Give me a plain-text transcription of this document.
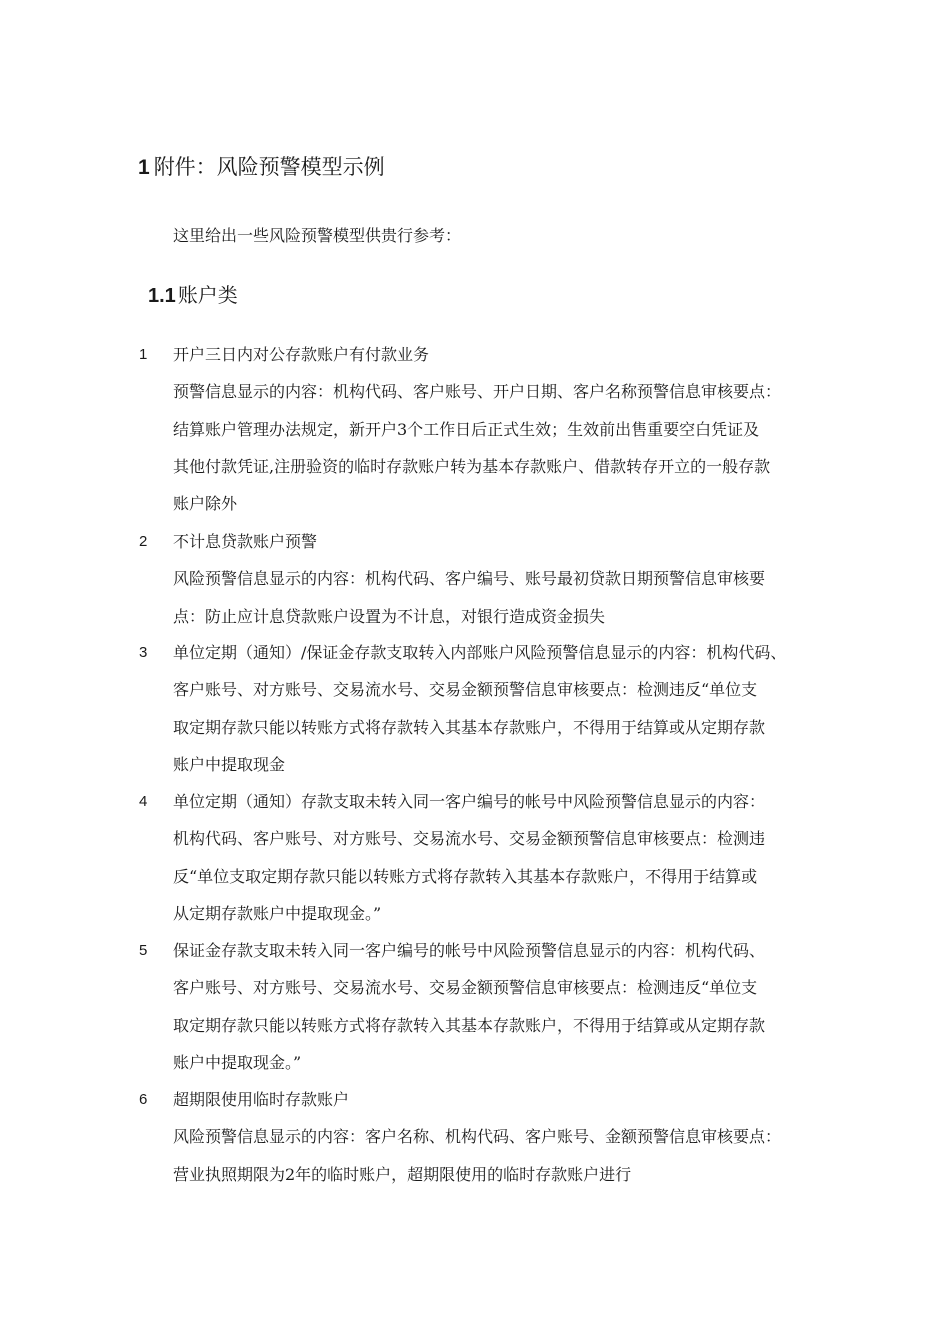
1 附件：风险预警模型示例
这里给出一些风险预警模型供贵行参考：
1.1 账户类
1 开户三日内对公存款账户有付款业务
预警信息显示的内容：机构代码、客户账号、开户日期、客户名称预警信息审核要点：
结算账户管理办法规定，新开户3个工作日后正式生效；生效前出售重要空白凭证及
其他付款凭证,注册验资的临时存款账户转为基本存款账户、借款转存开立的一般存款
账户除外
2 不计息贷款账户预警
风险预警信息显示的内容：机构代码、客户编号、账号最初贷款日期预警信息审核要
点：防止应计息贷款账户设置为不计息，对银行造成资金损失
3 单位定期（通知）/保证金存款支取转入内部账户风险预警信息显示的内容：机构代码、
客户账号、对方账号、交易流水号、交易金额预警信息审核要点：检测违反“单位支
取定期存款只能以转账方式将存款转入其基本存款账户，不得用于结算或从定期存款
账户中提取现金
4 单位定期（通知）存款支取未转入同一客户编号的帐号中风险预警信息显示的内容：
机构代码、客户账号、对方账号、交易流水号、交易金额预警信息审核要点：检测违
反“单位支取定期存款只能以转账方式将存款转入其基本存款账户，不得用于结算或
从定期存款账户中提取现金。”
5 保证金存款支取未转入同一客户编号的帐号中风险预警信息显示的内容：机构代码、
客户账号、对方账号、交易流水号、交易金额预警信息审核要点：检测违反“单位支
取定期存款只能以转账方式将存款转入其基本存款账户，不得用于结算或从定期存款
账户中提取现金。”
6 超期限使用临时存款账户
风险预警信息显示的内容：客户名称、机构代码、客户账号、金额预警信息审核要点：
营业执照期限为2年的临时账户，超期限使用的临时存款账户进行
